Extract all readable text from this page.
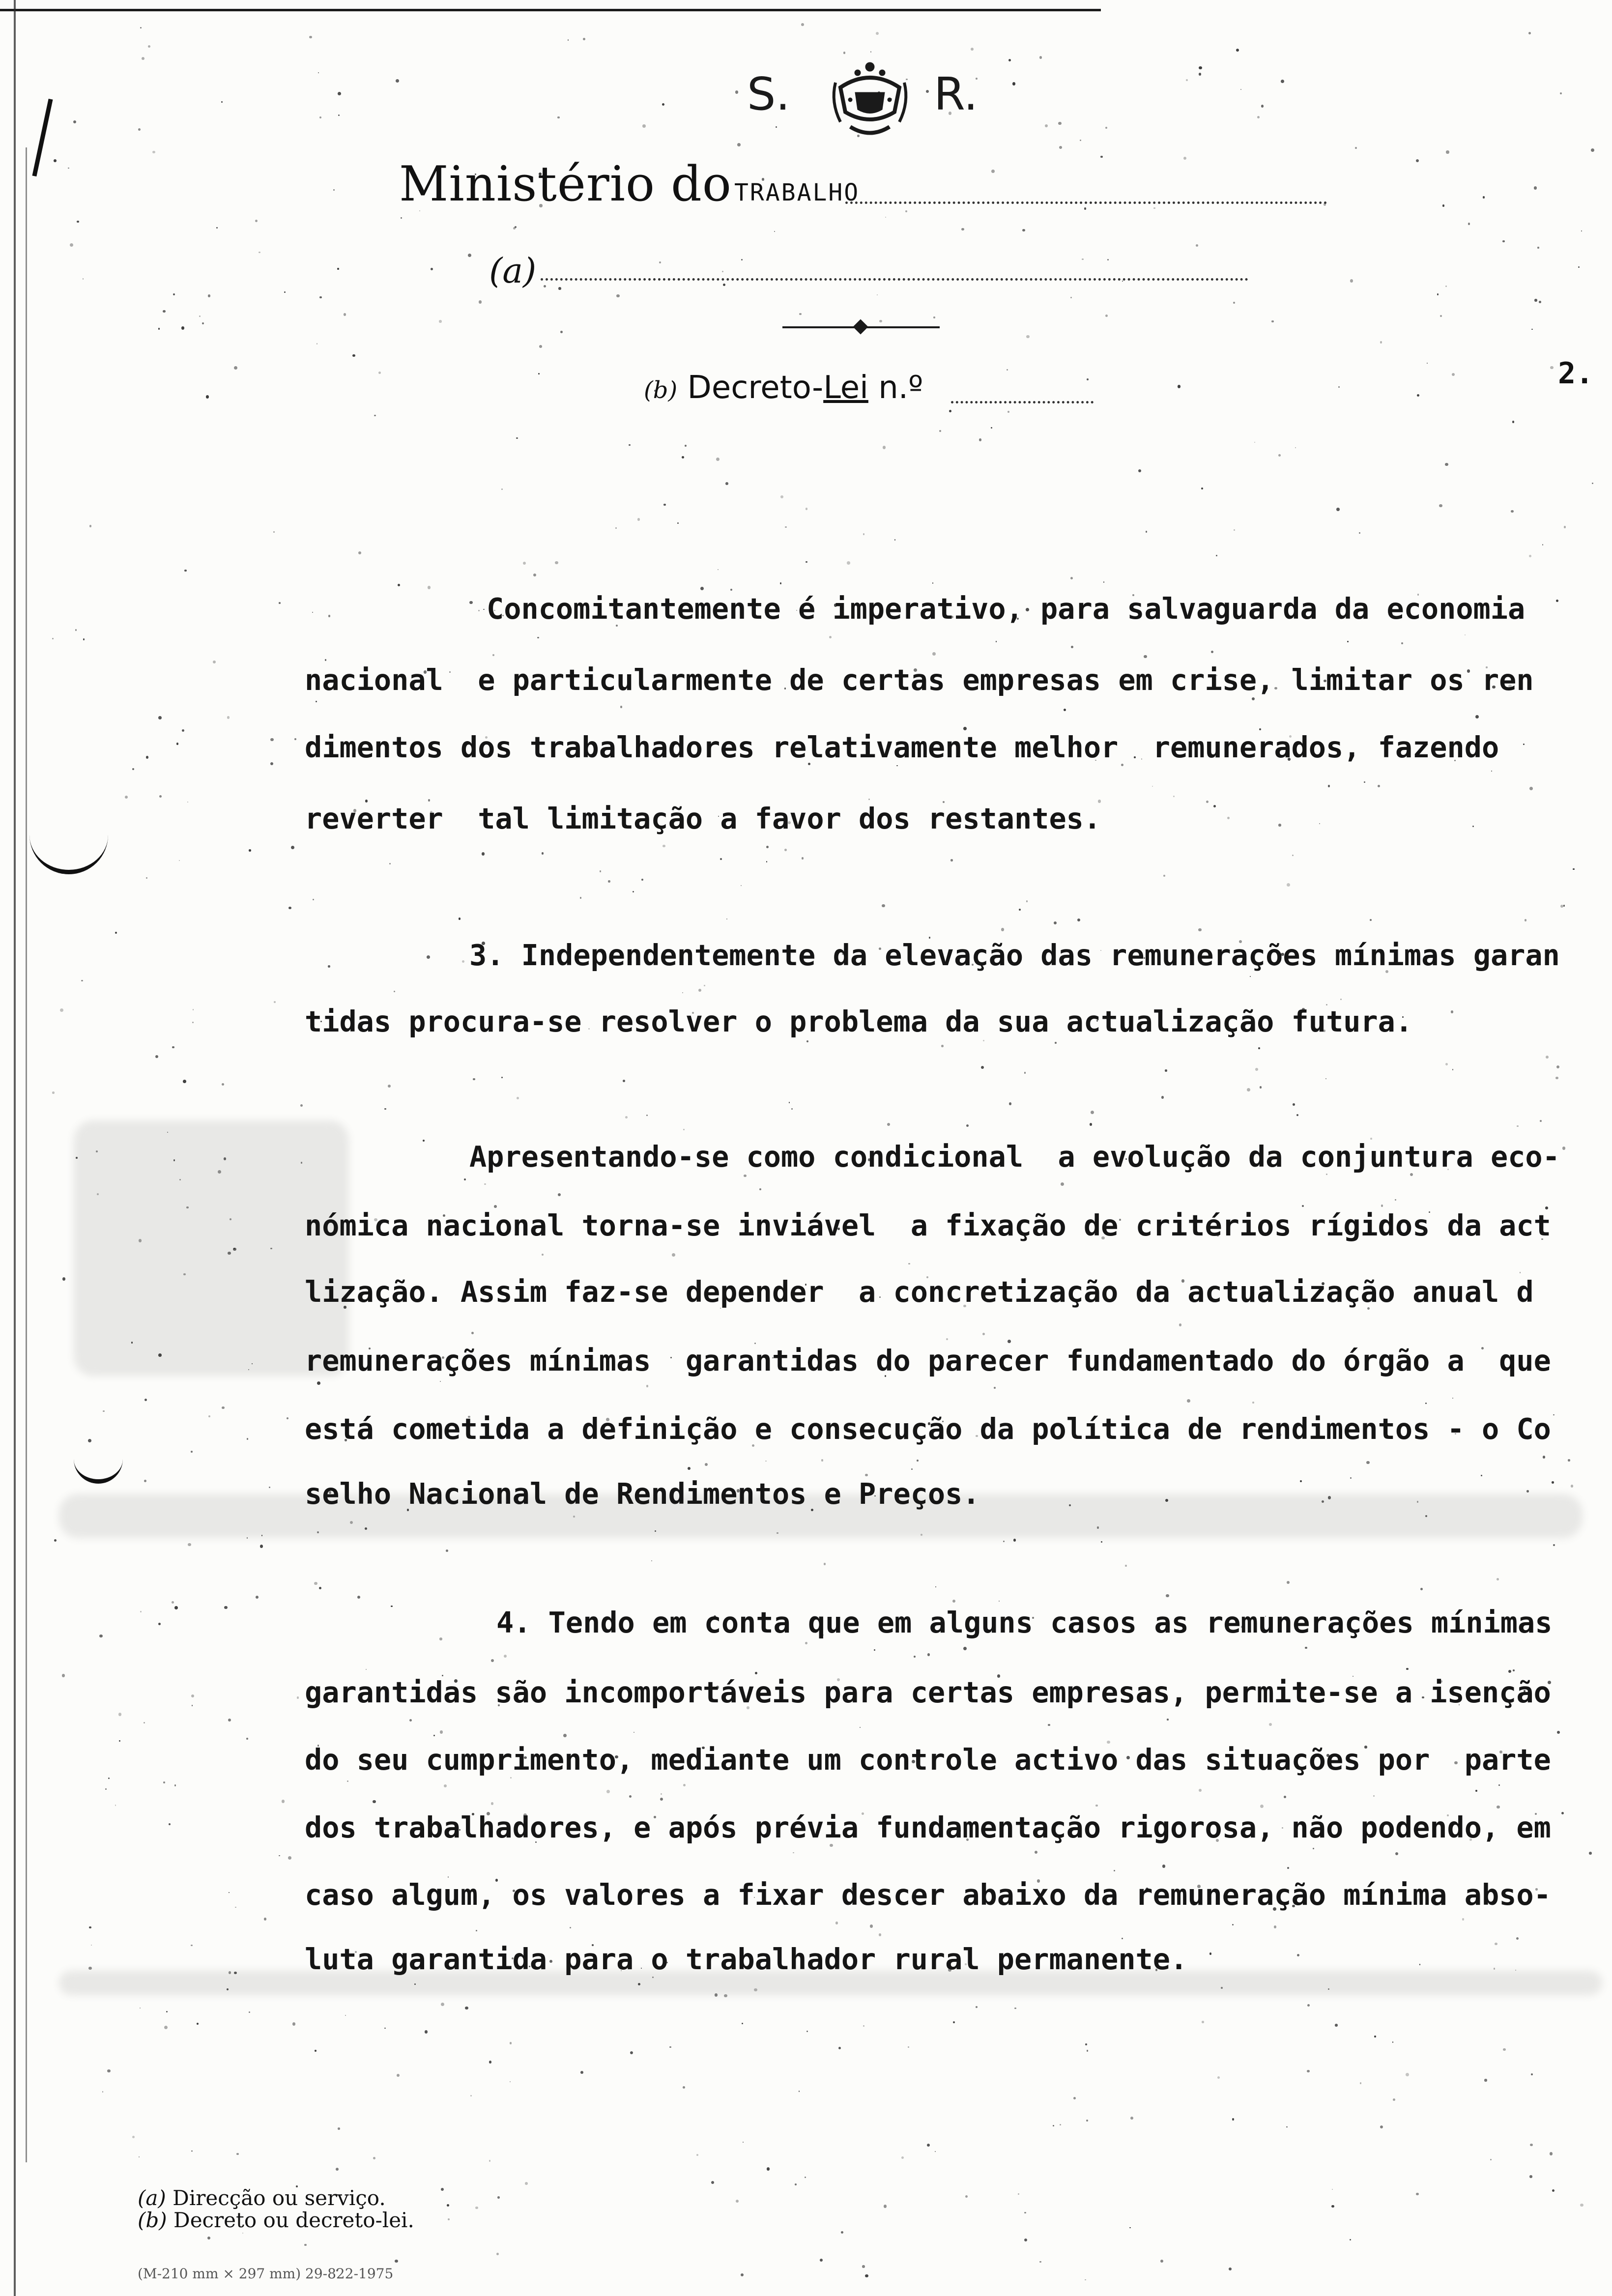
S.	R.
Ministério do TRABALHO
(a)
(b) Decreto-Lei n.º	2.
Concomitantemente é imperativo, para salvaguarda da economia
nacional  e particularmente de certas empresas em crise, limitar os ren
dimentos dos trabalhadores relativamente melhor  remunerados, fazendo
reverter  tal limitação a favor dos restantes.
3. Independentemente da elevação das remunerações mínimas garan
tidas procura-se resolver o problema da sua actualização futura.
Apresentando-se como condicional  a evolução da conjuntura eco-
nómica nacional torna-se inviável  a fixação de critérios rígidos da act
lização. Assim faz-se depender  a concretização da actualização anual d
remunerações mínimas  garantidas do parecer fundamentado do órgão a  que
está cometida a definição e consecução da política de rendimentos - o Co
selho Nacional de Rendimentos e Preços.
4. Tendo em conta que em alguns casos as remunerações mínimas
garantidas são incomportáveis para certas empresas, permite-se a isenção
do seu cumprimento, mediante um controle activo das situações por  parte
dos trabalhadores, e após prévia fundamentação rigorosa, não podendo, em
caso algum, os valores a fixar descer abaixo da remuneração mínima abso-
luta garantida para o trabalhador rural permanente.
(a) Direcção ou serviço.
(b) Decreto ou decreto-lei.
(M-210 mm × 297 mm) 29-822-1975
